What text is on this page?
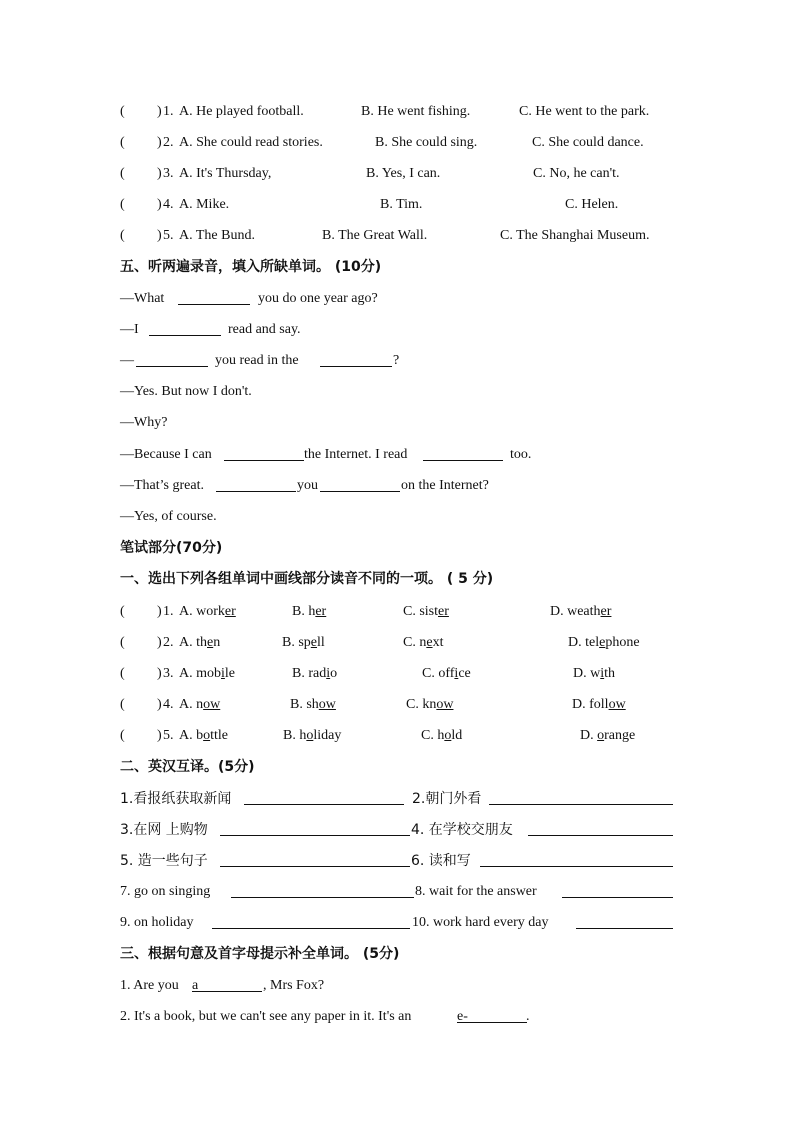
( ) 1. A. He played football.	B. He went fishing.	C. He went to the park.
( ) 2. A. She could read stories.	B. She could sing.	C. She could dance.
( ) 3. A. It's Thursday,	B. Yes, I can.	C. No, he can't.
( ) 4. A. Mike.	B. Tim.	C. Helen.
( ) 5. A. The Bund.	B. The Great Wall.	C. The Shanghai Museum.
五、听两遍录音，填入所缺单词。 (10分)
—What	you do one year ago?
—I	read and say.
—	you read in the	?
—Yes. But now I don't.
—Why?
—Because I can	the Internet. I read	too.
—That’s great.	you	on the Internet?
—Yes, of course.
笔试部分(70分)
一、选出下列各组单词中画线部分读音不同的一项。 ( 5 分)
( ) 1. A. worker	B. her	C. sister	D. weather
( ) 2. A. then	B. spell	C. next	D. telephone
( ) 3. A. mobile	B. radio	C. office	D. with
( ) 4. A. now	B. show	C. know	D. follow
( ) 5. A. bottle	B. holiday	C. hold	D. orange
二、英汉互译。(5分)
1.看报纸获取新闻	2.朝门外看
3.在网 上购物	4. 在学校交朋友
5. 造一些句子	6. 读和写
7. go on singing	8. wait for the answer
9. on holiday	10. work hard every day
三、根据句意及首字母提示补全单词。 (5分)
1. Are you a	, Mrs Fox?
2. It's a book, but we can't see any paper in it. It's an	e-	.
